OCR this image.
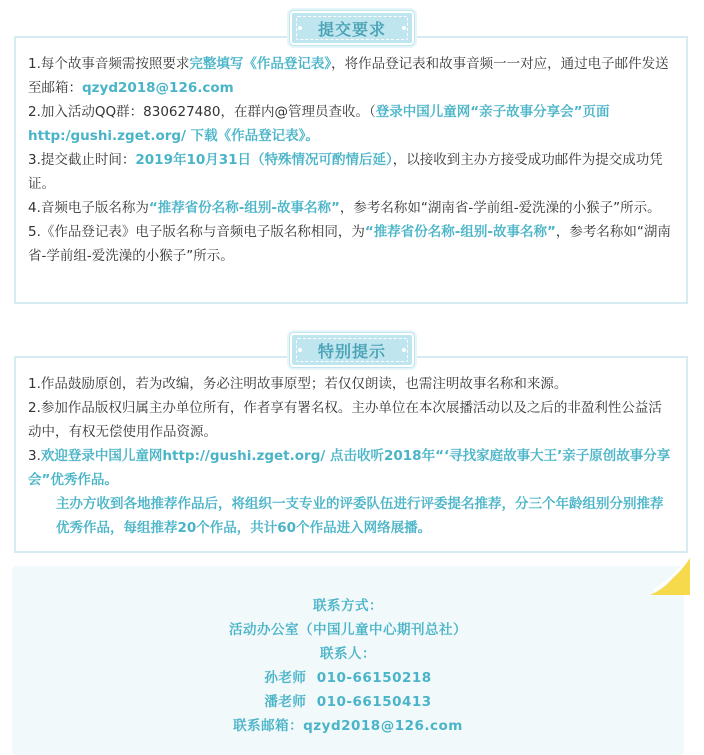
1.每个故事音频需按照要求完整填写《作品登记表》，将作品登记表和故事音频一一对应，通过电子邮件发送至邮箱：qzyd2018@126.com
2.加入活动QQ群：830627480，在群内@管理员查收。（登录中国儿童网“亲子故事分享会”页面 http:/gushi.zget.org/ 下载《作品登记表》。
3.提交截止时间：2019年10月31日（特殊情况可酌情后延），以接收到主办方接受成功邮件为提交成功凭证。
4.音频电子版名称为“推荐省份名称-组别-故事名称”，参考名称如“湖南省-学前组-爱洗澡的小猴子”所示。
5.《作品登记表》电子版名称与音频电子版名称相同，为“推荐省份名称-组别-故事名称”，参考名称如“湖南省-学前组-爱洗澡的小猴子”所示。
提交要求
1.作品鼓励原创，若为改编，务必注明故事原型；若仅仅朗读，也需注明故事名称和来源。
2.参加作品版权归属主办单位所有，作者享有署名权。主办单位在本次展播活动以及之后的非盈利性公益活动中，有权无偿使用作品资源。
3.欢迎登录中国儿童网http://gushi.zget.org/ 点击收听2018年“‘寻找家庭故事大王’亲子原创故事分享会”优秀作品。
主办方收到各地推荐作品后，将组织一支专业的评委队伍进行评委提名推荐，分三个年龄组别分别推荐优秀作品，每组推荐20个作品，共计60个作品进入网络展播。
特别提示
联系方式：
活动办公室（中国儿童中心期刊总社）
联系人：
孙老师  010-66150218
潘老师  010-66150413
联系邮箱：qzyd2018@126.com
